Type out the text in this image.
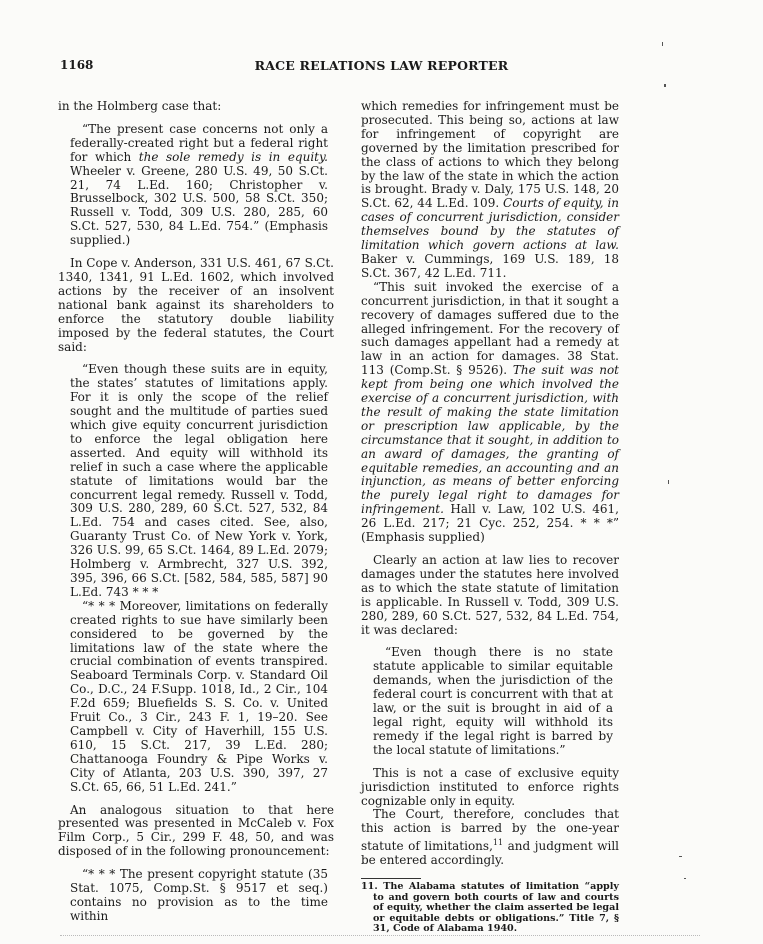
1168	RACE RELATIONS LAW REPORTER

in the Holmberg case that:

“The present case concerns not only a federally-created right but a federal right for which the sole remedy is in equity. Wheeler v. Greene, 280 U.S. 49, 50 S.Ct. 21, 74 L.Ed. 160; Christopher v. Brusselbock, 302 U.S. 500, 58 S.Ct. 350; Russell v. Todd, 309 U.S. 280, 285, 60 S.Ct. 527, 530, 84 L.Ed. 754.” (Emphasis supplied.)

In Cope v. Anderson, 331 U.S. 461, 67 S.Ct. 1340, 1341, 91 L.Ed. 1602, which involved actions by the receiver of an insolvent national bank against its shareholders to enforce the statutory double liability imposed by the federal statutes, the Court said:

“Even though these suits are in equity, the states’ statutes of limitations apply. For it is only the scope of the relief sought and the multitude of parties sued which give equity concurrent jurisdiction to enforce the legal obligation here asserted. And equity will withhold its relief in such a case where the applicable statute of limitations would bar the concurrent legal remedy. Russell v. Todd, 309 U.S. 280, 289, 60 S.Ct. 527, 532, 84 L.Ed. 754 and cases cited. See, also, Guaranty Trust Co. of New York v. York, 326 U.S. 99, 65 S.Ct. 1464, 89 L.Ed. 2079; Holmberg v. Armbrecht, 327 U.S. 392, 395, 396, 66 S.Ct. [582, 584, 585, 587] 90 L.Ed. 743 * * *

“* * * Moreover, limitations on federally created rights to sue have similarly been considered to be governed by the limitations law of the state where the crucial combination of events transpired. Seaboard Terminals Corp. v. Standard Oil Co., D.C., 24 F.Supp. 1018, Id., 2 Cir., 104 F.2d 659; Bluefields S. S. Co. v. United Fruit Co., 3 Cir., 243 F. 1, 19–20. See Campbell v. City of Haverhill, 155 U.S. 610, 15 S.Ct. 217, 39 L.Ed. 280; Chattanooga Foundry & Pipe Works v. City of Atlanta, 203 U.S. 390, 397, 27 S.Ct. 65, 66, 51 L.Ed. 241.”

An analogous situation to that here presented was presented in McCaleb v. Fox Film Corp., 5 Cir., 299 F. 48, 50, and was disposed of in the following pronouncement:

“* * * The present copyright statute (35 Stat. 1075, Comp.St. § 9517 et seq.) contains no provision as to the time within

which remedies for infringement must be prosecuted. This being so, actions at law for infringement of copyright are governed by the limitation prescribed for the class of actions to which they belong by the law of the state in which the action is brought. Brady v. Daly, 175 U.S. 148, 20 S.Ct. 62, 44 L.Ed. 109. Courts of equity, in cases of concurrent jurisdiction, consider themselves bound by the statutes of limitation which govern actions at law. Baker v. Cummings, 169 U.S. 189, 18 S.Ct. 367, 42 L.Ed. 711.

“This suit invoked the exercise of a concurrent jurisdiction, in that it sought a recovery of damages suffered due to the alleged infringement. For the recovery of such damages appellant had a remedy at law in an action for damages. 38 Stat. 113 (Comp.St. § 9526). The suit was not kept from being one which involved the exercise of a concurrent jurisdiction, with the result of making the state limitation or prescription law applicable, by the circumstance that it sought, in addition to an award of damages, the granting of equitable remedies, an accounting and an injunction, as means of better enforcing the purely legal right to damages for infringement. Hall v. Law, 102 U.S. 461, 26 L.Ed. 217; 21 Cyc. 252, 254. * * *” (Emphasis supplied)

Clearly an action at law lies to recover damages under the statutes here involved as to which the state statute of limitation is applicable. In Russell v. Todd, 309 U.S. 280, 289, 60 S.Ct. 527, 532, 84 L.Ed. 754, it was declared:

“Even though there is no state statute applicable to similar equitable demands, when the jurisdiction of the federal court is concurrent with that at law, or the suit is brought in aid of a legal right, equity will withhold its remedy if the legal right is barred by the local statute of limitations.”

This is not a case of exclusive equity jurisdiction instituted to enforce rights cognizable only in equity.

The Court, therefore, concludes that this action is barred by the one-year statute of limitations,$^{11}$ and judgment will be entered accordingly.

11. The Alabama statutes of limitation “apply to and govern both courts of law and courts of equity, whether the claim asserted be legal or equitable debts or obligations.” Title 7, § 31, Code of Alabama 1940.
